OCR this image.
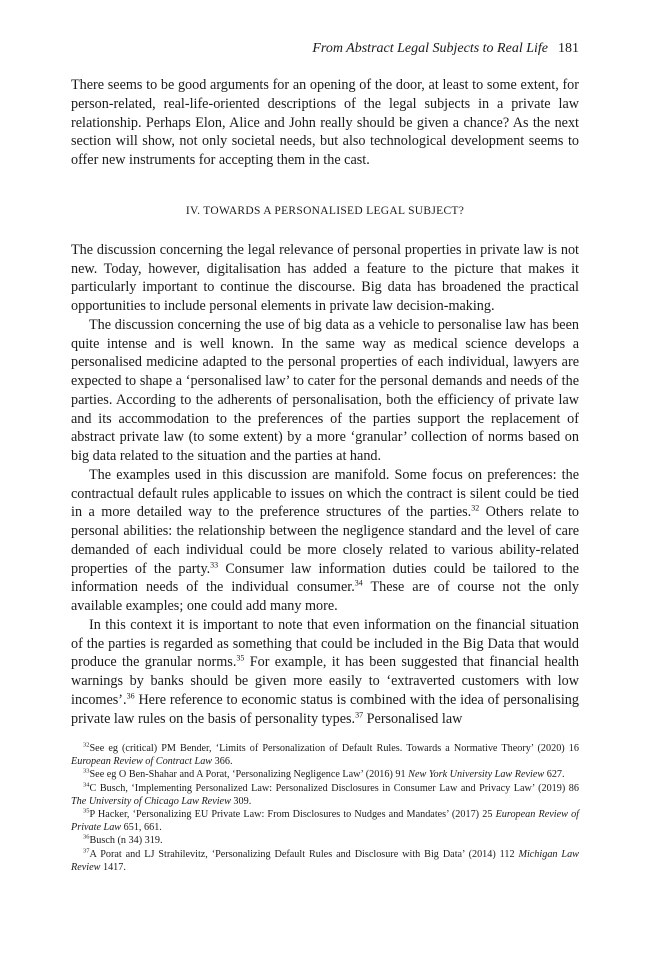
From Abstract Legal Subjects to Real Life 181

There seems to be good arguments for an opening of the door, at least to some extent, for person-related, real-life-oriented descriptions of the legal subjects in a private law relationship. Perhaps Elon, Alice and John really should be given a chance? As the next section will show, not only societal needs, but also technological development seems to offer new instruments for accepting them in the cast.

IV. TOWARDS A PERSONALISED LEGAL SUBJECT?

The discussion concerning the legal relevance of personal properties in private law is not new. Today, however, digitalisation has added a feature to the picture that makes it particularly important to continue the discourse. Big data has broadened the practical opportunities to include personal elements in private law decision-making.

The discussion concerning the use of big data as a vehicle to personalise law has been quite intense and is well known. In the same way as medical science develops a personalised medicine adapted to the personal properties of each individual, lawyers are expected to shape a ‘personalised law’ to cater for the personal demands and needs of the parties. According to the adherents of personalisation, both the efficiency of private law and its accommodation to the preferences of the parties support the replacement of abstract private law (to some extent) by a more ‘granular’ collection of norms based on big data related to the situation and the parties at hand.

The examples used in this discussion are manifold. Some focus on preferences: the contractual default rules applicable to issues on which the contract is silent could be tied in a more detailed way to the preference structures of the parties.$^{32}$ Others relate to personal abilities: the relationship between the negligence standard and the level of care demanded of each individual could be more closely related to various ability-related properties of the party.$^{33}$ Consumer law information duties could be tailored to the information needs of the individual consumer.$^{34}$ These are of course not the only available examples; one could add many more.

In this context it is important to note that even information on the financial situation of the parties is regarded as something that could be included in the Big Data that would produce the granular norms.$^{35}$ For example, it has been suggested that financial health warnings by banks should be given more easily to ‘extraverted customers with low incomes’.$^{36}$ Here reference to economic status is combined with the idea of personalising private law rules on the basis of personality types.$^{37}$ Personalised law

$^{32}$See eg (critical) PM Bender, ‘Limits of Personalization of Default Rules. Towards a Normative Theory’ (2020) 16 European Review of Contract Law 366.

$^{33}$See eg O Ben-Shahar and A Porat, ‘Personalizing Negligence Law’ (2016) 91 New York University Law Review 627.

$^{34}$C Busch, ‘Implementing Personalized Law: Personalized Disclosures in Consumer Law and Privacy Law’ (2019) 86 The University of Chicago Law Review 309.

$^{35}$P Hacker, ‘Personalizing EU Private Law: From Disclosures to Nudges and Mandates’ (2017) 25 European Review of Private Law 651, 661.

$^{36}$Busch (n 34) 319.

$^{37}$A Porat and LJ Strahilevitz, ‘Personalizing Default Rules and Disclosure with Big Data’ (2014) 112 Michigan Law Review 1417.
